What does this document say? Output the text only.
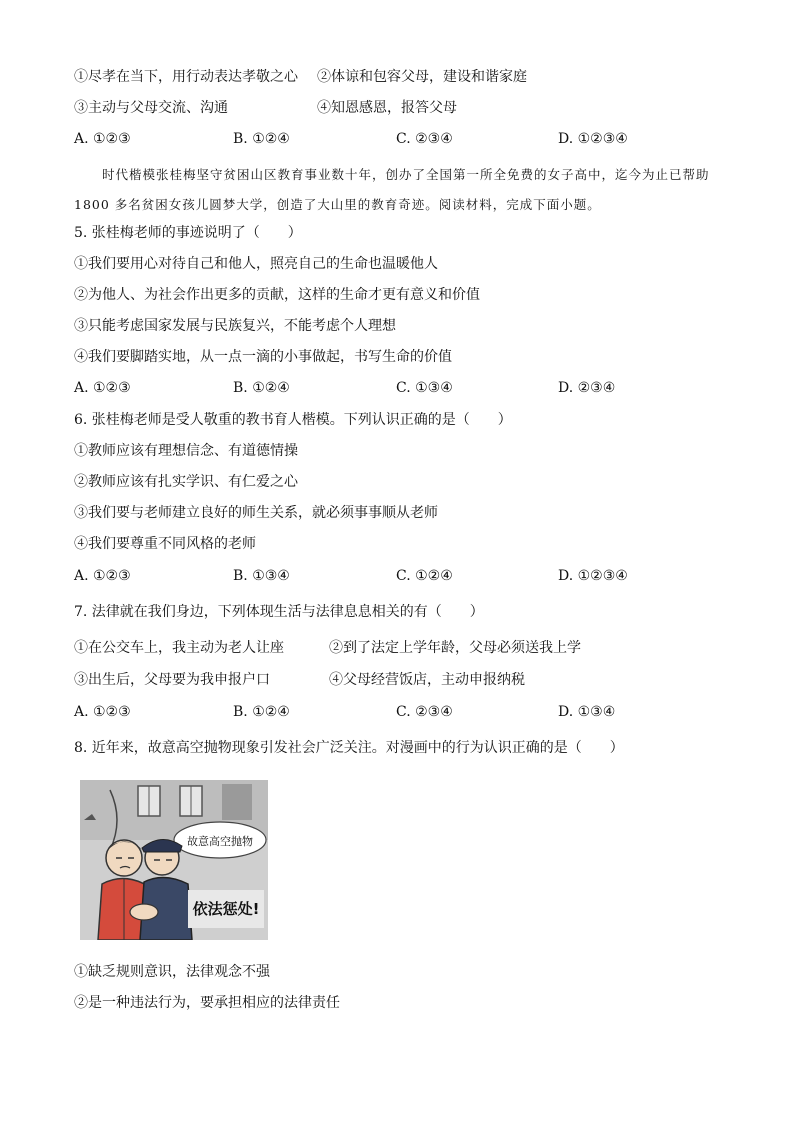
①尽孝在当下，用行动表达孝敬之心 ②体谅和包容父母，建设和谐家庭
③主动与父母交流、沟通	④知恩感恩，报答父母
A. ①②③	B. ①②④	C. ②③④	D. ①②③④
时代楷模张桂梅坚守贫困山区教育事业数十年，创办了全国第一所全免费的女子高中，迄今为止已帮助 1800 多名贫困女孩儿圆梦大学，创造了大山里的教育奇迹。阅读材料，完成下面小题。
5. 张桂梅老师的事迹说明了（　　）
①我们要用心对待自己和他人，照亮自己的生命也温暖他人
②为他人、为社会作出更多的贡献，这样的生命才更有意义和价值
③只能考虑国家发展与民族复兴，不能考虑个人理想
④我们要脚踏实地，从一点一滴的小事做起，书写生命的价值
A. ①②③	B. ①②④	C. ①③④	D. ②③④
6. 张桂梅老师是受人敬重的教书育人楷模。下列认识正确的是（　　）
①教师应该有理想信念、有道德情操
②教师应该有扎实学识、有仁爱之心
③我们要与老师建立良好的师生关系，就必须事事顺从老师
④我们要尊重不同风格的老师
A. ①②③	B. ①③④	C. ①②④	D. ①②③④
7. 法律就在我们身边，下列体现生活与法律息息相关的有（　　）
①在公交车上，我主动为老人让座	②到了法定上学年龄，父母必须送我上学
③出生后，父母要为我申报户口	④父母经营饭店，主动申报纳税
A. ①②③	B. ①②④	C. ②③④	D. ①③④
8. 近年来，故意高空抛物现象引发社会广泛关注。对漫画中的行为认识正确的是（　　）
故意高空抛物
依法惩处!
①缺乏规则意识，法律观念不强
②是一种违法行为，要承担相应的法律责任
